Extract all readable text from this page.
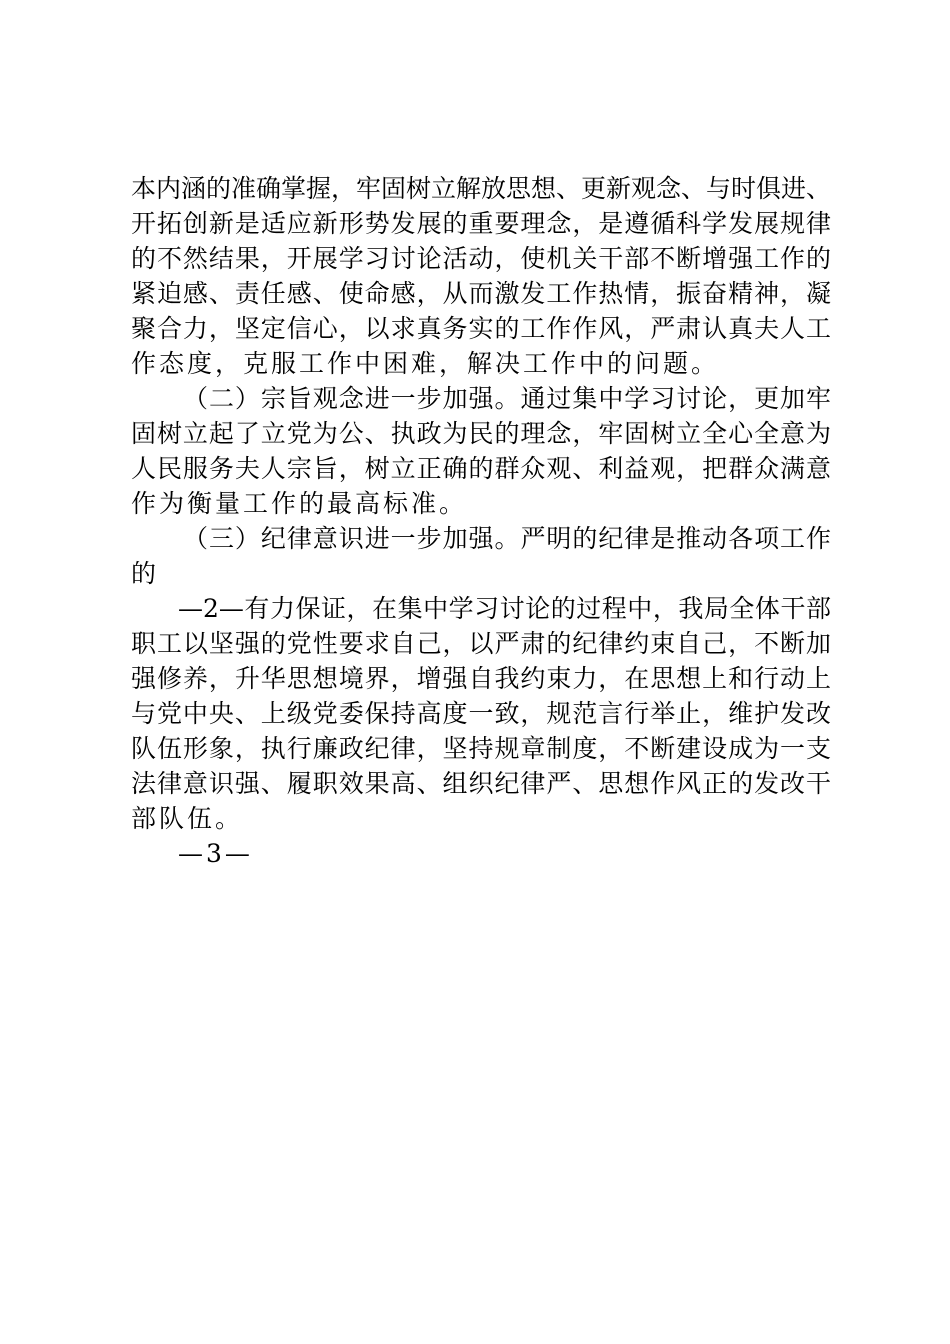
本内涵的准确掌握，牢固树立解放思想、更新观念、与时俱进、
开拓创新是适应新形势发展的重要理念，是遵循科学发展规律
的不然结果，开展学习讨论活动，使机关干部不断增强工作的
紧迫感、责任感、使命感，从而激发工作热情，振奋精神，凝
聚合力，坚定信心，以求真务实的工作作风，严肃认真夫人工
作态度，克服工作中困难，解决工作中的问题。
（二）宗旨观念进一步加强。通过集中学习讨论，更加牢
固树立起了立党为公、执政为民的理念，牢固树立全心全意为
人民服务夫人宗旨，树立正确的群众观、利益观，把群众满意
作为衡量工作的最高标准。
（三）纪律意识进一步加强。严明的纪律是推动各项工作
的
—2—有力保证，在集中学习讨论的过程中，我局全体干部
职工以坚强的党性要求自己，以严肃的纪律约束自己，不断加
强修养，升华思想境界，增强自我约束力，在思想上和行动上
与党中央、上级党委保持高度一致，规范言行举止，维护发改
队伍形象，执行廉政纪律，坚持规章制度，不断建设成为一支
法律意识强、履职效果高、组织纪律严、思想作风正的发改干
部队伍。
—3—
